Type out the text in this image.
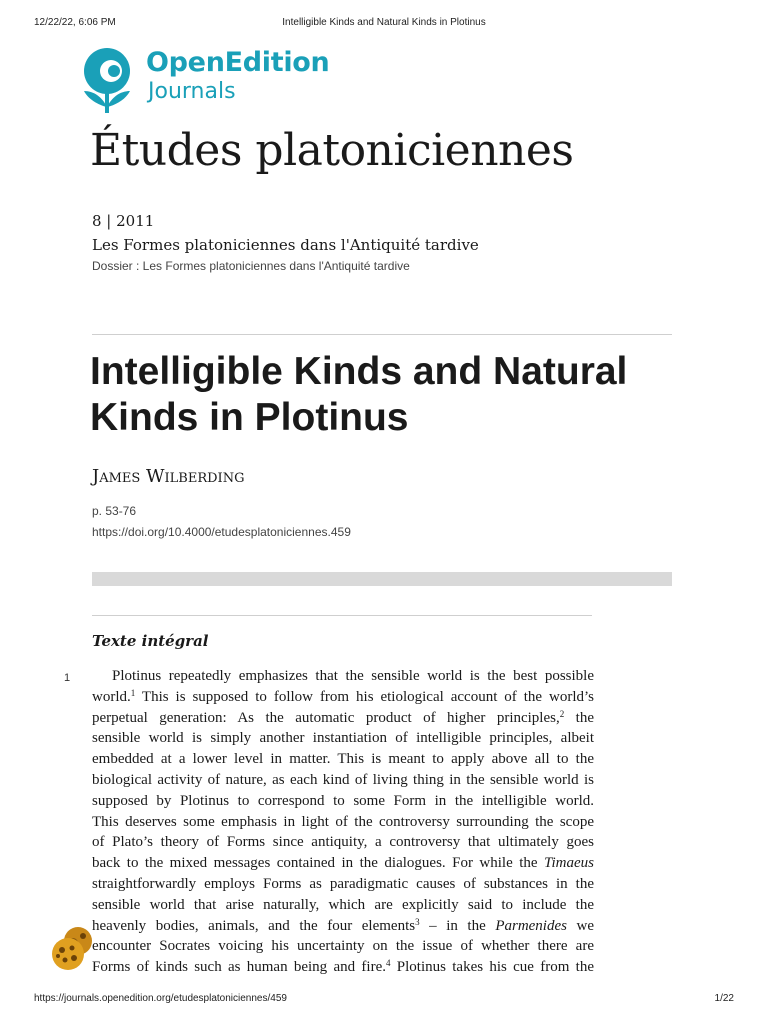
12/22/22, 6:06 PM	Intelligible Kinds and Natural Kinds in Plotinus
OpenEdition
Journals
Études platoniciennes
8 | 2011
Les Formes platoniciennes dans l'Antiquité tardive
Dossier : Les Formes platoniciennes dans l'Antiquité tardive
Intelligible Kinds and Natural Kinds in Plotinus
James Wilberding
p. 53-76
https://doi.org/10.4000/etudesplatoniciennes.459
Texte intégral
1	Plotinus repeatedly emphasizes that the sensible world is the best possible
world.$^1$ This is supposed to follow from his etiological account of the world’s
perpetual generation: As the automatic product of higher principles,$^2$ the
sensible world is simply another instantiation of intelligible principles, albeit
embedded at a lower level in matter. This is meant to apply above all to the
biological activity of nature, as each kind of living thing in the sensible world is
supposed by Plotinus to correspond to some Form in the intelligible world.
This deserves some emphasis in light of the controversy surrounding the scope
of Plato’s theory of Forms since antiquity, a controversy that ultimately goes
back to the mixed messages contained in the dialogues. For while the Timaeus
straightforwardly employs Forms as paradigmatic causes of substances in the
sensible world that arise naturally, which are explicitly said to include the
heavenly bodies, animals, and the four elements$^3$ – in the Parmenides we
encounter Socrates voicing his uncertainty on the issue of whether there are
Forms of kinds such as human being and fire.$^4$ Plotinus takes his cue from the
https://journals.openedition.org/etudesplatoniciennes/459	1/22
